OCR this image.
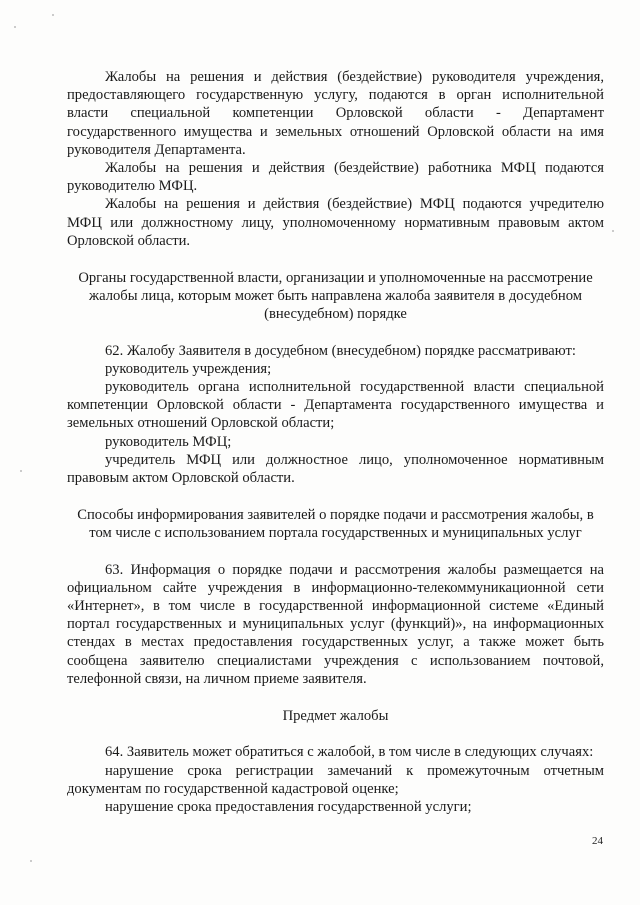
Жалобы на решения и действия (бездействие) руководителя учреждения, предоставляющего государственную услугу, подаются в орган исполнительной власти специальной компетенции Орловской области - Департамент государственного имущества и земельных отношений Орловской области на имя руководителя Департамента.

Жалобы на решения и действия (бездействие) работника МФЦ подаются руководителю МФЦ.

Жалобы на решения и действия (бездействие) МФЦ подаются учредителю МФЦ или должностному лицу, уполномоченному нормативным правовым актом Орловской области.

Органы государственной власти, организации и уполномоченные на рассмотрение жалобы лица, которым может быть направлена жалоба заявителя в досудебном (внесудебном) порядке

62. Жалобу Заявителя в досудебном (внесудебном) порядке рассматривают:

руководитель учреждения;

руководитель органа исполнительной государственной власти специальной компетенции Орловской области - Департамента государственного имущества и земельных отношений Орловской области;

руководитель МФЦ;

учредитель МФЦ или должностное лицо, уполномоченное нормативным правовым актом Орловской области.

Способы информирования заявителей о порядке подачи и рассмотрения жалобы, в том числе с использованием портала государственных и муниципальных услуг

63. Информация о порядке подачи и рассмотрения жалобы размещается на официальном сайте учреждения в информационно-телекоммуникационной сети «Интернет», в том числе в государственной информационной системе «Единый портал государственных и муниципальных услуг (функций)», на информационных стендах в местах предоставления государственных услуг, а также может быть сообщена заявителю специалистами учреждения с использованием почтовой, телефонной связи, на личном приеме заявителя.

Предмет жалобы

64. Заявитель может обратиться с жалобой, в том числе в следующих случаях:

нарушение срока регистрации замечаний к промежуточным отчетным документам по государственной кадастровой оценке;

нарушение срока предоставления государственной услуги;

24
